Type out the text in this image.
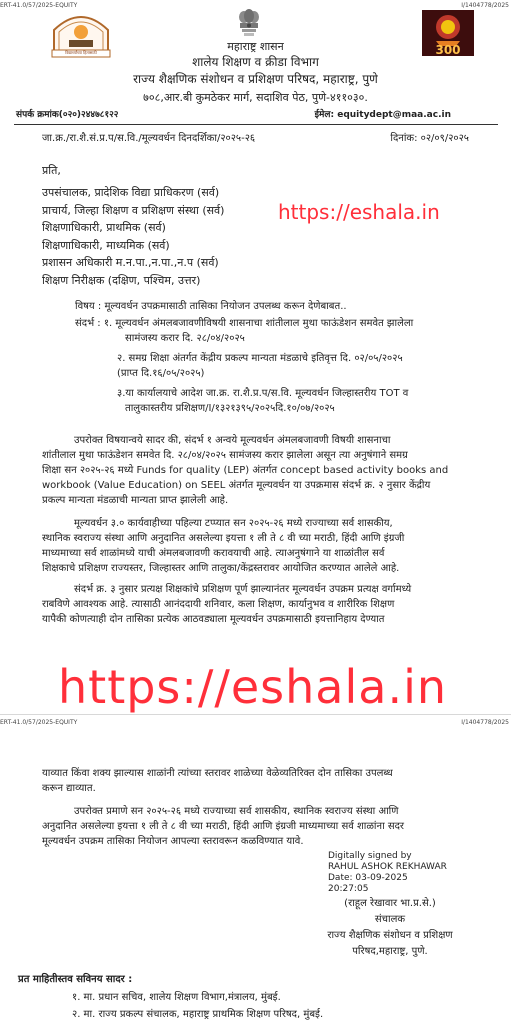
ERT-41.0/57/2025-EQUITY	I/1404778/2025
विद्यार्थ्यांच्या हितासाठी	300
महाराष्ट्र शासन
शालेय शिक्षण व क्रीडा विभाग
राज्य शैक्षणिक संशोधन व प्रशिक्षण परिषद, महाराष्ट्र, पुणे
७०८,आर.बी कुमठेकर मार्ग, सदाशिव पेठ, पुणे-४११०३०.
संपर्क क्रमांक(०२०)२४४७८१२२	ईमेल: equitydept@maa.ac.in
जा.क्र./रा.शै.सं.प्र.प/स.वि./मूल्यवर्धन दिनदर्शिका/२०२५-२६	दिनांक: ०२/०९/२०२५
प्रति,
उपसंचालक, प्रादेशिक विद्या प्राधिकरण (सर्व)
प्राचार्य, जिल्हा शिक्षण व प्रशिक्षण संस्था (सर्व)
शिक्षणाधिकारी, प्राथमिक (सर्व)
शिक्षणाधिकारी, माध्यमिक (सर्व)
प्रशासन अधिकारी म.न.पा.,न.पा.,न.प (सर्व)
शिक्षण निरीक्षक (दक्षिण, पश्चिम, उत्तर)
https://eshala.in
विषय : मूल्यवर्धन उपक्रमासाठी तासिका नियोजन उपलब्ध करून देणेबाबत..
संदर्भ : १. मूल्यवर्धन अंमलबजावणीविषयी शासनाचा शांतीलाल मुथा फाऊंडेशन समवेत झालेला
सामंजस्य करार दि. २८/०४/२०२५
२. समग्र शिक्षा अंतर्गत केंद्रीय प्रकल्प मान्यता मंडळाचे इतिवृत्त दि. ०२/०५/२०२५
(प्राप्त दि.१६/०५/२०२५)
३.या कार्यालयाचे आदेश जा.क्र. रा.शै.प्र.प/स.वि. मूल्यवर्धन जिल्हास्तरीय TOT व
तालुकास्तरीय प्रशिक्षण/I/१३२१३९५/२०२५दि.१०/०७/२०२५
उपरोक्त विषयान्वये सादर की, संदर्भ १ अन्वये मूल्यवर्धन अंमलबजावणी विषयी शासनाचा
शांतीलाल मुथा फाऊंडेशन समवेत दि. २८/०४/२०२५ सामंजस्य करार झालेला असून त्या अनुषंगाने समग्र
शिक्षा सन २०२५-२६ मध्ये Funds for quality (LEP) अंतर्गत concept based activity books and
workbook (Value Education) on SEEL अंतर्गत मूल्यवर्धन या उपक्रमास संदर्भ क्र. २ नुसार केंद्रीय
प्रकल्प मान्यता मंडळाची मान्यता प्राप्त झालेली आहे.
मूल्यवर्धन ३.० कार्यवाहीच्या पहिल्या टप्प्यात सन २०२५-२६ मध्ये राज्याच्या सर्व शासकीय,
स्थानिक स्वराज्य संस्था आणि अनुदानित असलेल्या इयत्ता १ ली ते ८ वी च्या मराठी, हिंदी आणि इंग्रजी
माध्यमाच्या सर्व शाळांमध्ये याची अंमलबजावणी करावयाची आहे. त्याअनुषंगाने या शाळांतील सर्व
शिक्षकाचे प्रशिक्षण राज्यस्तर, जिल्हास्तर आणि तालुका/केंद्रस्तरावर आयोजित करण्यात आलेले आहे.
संदर्भ क्र. ३ नुसार प्रत्यक्ष शिक्षकांचे प्रशिक्षण पूर्ण झाल्यानंतर मूल्यवर्धन उपक्रम प्रत्यक्ष वर्गामध्ये
राबविणे आवश्यक आहे. त्यासाठी आनंददायी शनिवार, कला शिक्षण, कार्यानुभव व शारीरिक शिक्षण
यापैकी कोणत्याही दोन तासिका प्रत्येक आठवड्याला मूल्यवर्धन उपक्रमासाठी इयत्तानिहाय देण्यात
https://eshala.in
ERT-41.0/57/2025-EQUITY	I/1404778/2025
याव्यात किंवा शक्य झाल्यास शाळांनी त्यांच्या स्तरावर शाळेच्या वेळेव्यतिरिक्त दोन तासिका उपलब्ध
करून द्याव्यात.
उपरोक्त प्रमाणे सन २०२५-२६ मध्ये राज्याच्या सर्व शासकीय, स्थानिक स्वराज्य संस्था आणि
अनुदानित असलेल्या इयत्ता १ ली ते ८ वी च्या मराठी, हिंदी आणि इंग्रजी माध्यमाच्या सर्व शाळांना सदर
मूल्यवर्धन उपक्रम तासिका नियोजन आपल्या स्तरावरून कळविण्यात यावे.
Digitally signed by
RAHUL ASHOK REKHAWAR
Date: 03-09-2025
20:27:05
(राहूल रेखावार भा.प्र.से.)
संचालक
राज्य शैक्षणिक संशोधन व प्रशिक्षण
परिषद,महाराष्ट्र, पुणे.
प्रत माहितीस्तव सविनय सादर :
१. मा. प्रधान सचिव, शालेय शिक्षण विभाग,मंत्रालय, मुंबई.
२. मा. राज्य प्रकल्प संचालक, महाराष्ट्र प्राथमिक शिक्षण परिषद, मुंबई.
